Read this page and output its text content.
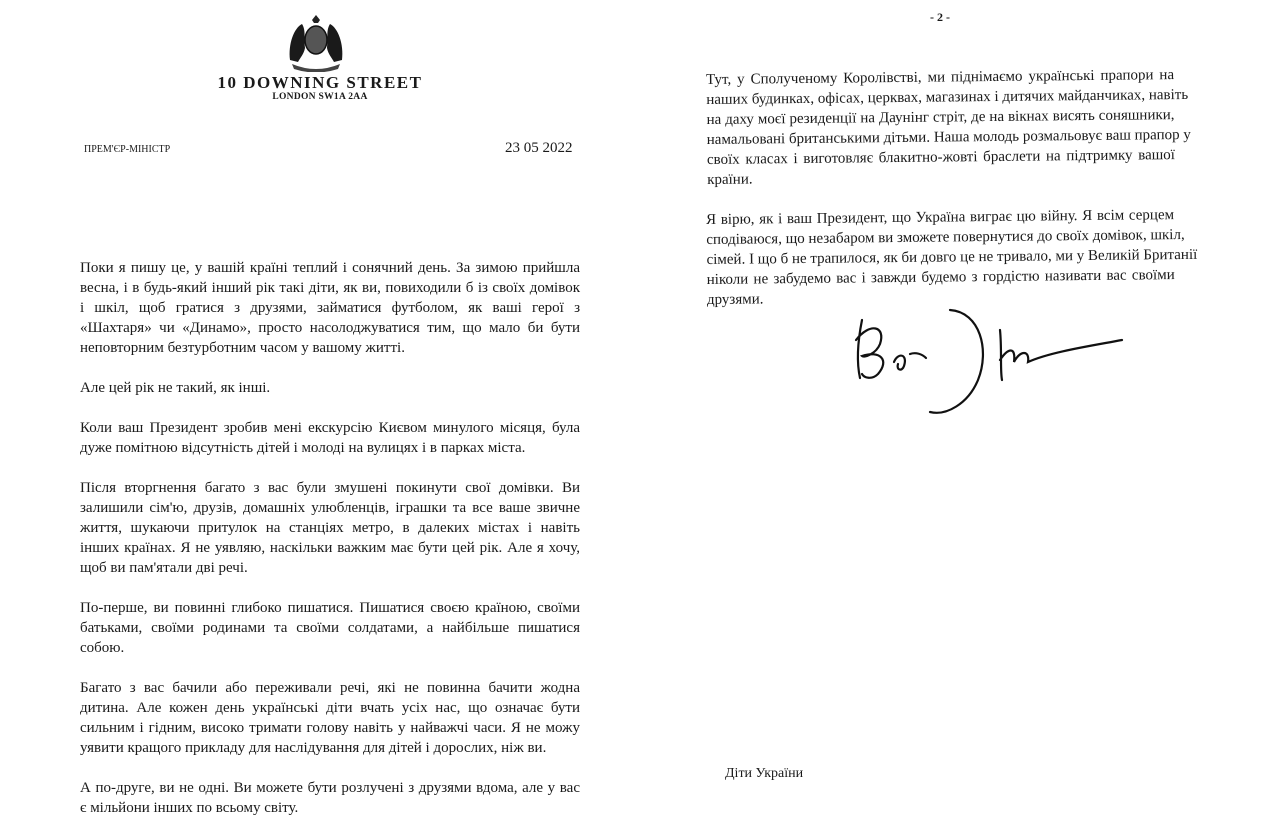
10 DOWNING STREET
LONDON SW1A 2AA
ПРЕМ'ЄР-МІНІСТР	23 05 2022
Поки я пишу це, у вашій країні теплий і сонячний день. За зимою прийшла
весна, і в будь-який інший рік такі діти, як ви, повиходили б із своїх домівок
і шкіл, щоб гратися з друзями, займатися футболом, як ваші герої з
«Шахтаря» чи «Динамо», просто насолоджуватися тим, що мало би бути
неповторним безтурботним часом у вашому житті.
Але цей рік не такий, як інші.
Коли ваш Президент зробив мені екскурсію Києвом минулого місяця, була
дуже помітною відсутність дітей і молоді на вулицях і в парках міста.
Після вторгнення багато з вас були змушені покинути свої домівки. Ви
залишили сім'ю, друзів, домашніх улюбленців, іграшки та все ваше звичне
життя, шукаючи притулок на станціях метро, в далеких містах і навіть
інших країнах. Я не уявляю, наскільки важким має бути цей рік. Але я хочу,
щоб ви пам'ятали дві речі.
По-перше, ви повинні глибоко пишатися. Пишатися своєю країною, своїми
батьками, своїми родинами та своїми солдатами, а найбільше пишатися
собою.
Багато з вас бачили або переживали речі, які не повинна бачити жодна
дитина. Але кожен день українські діти вчать усіх нас, що означає бути
сильним і гідним, високо тримати голову навіть у найважчі часи. Я не можу
уявити кращого прикладу для наслідування для дітей і дорослих, ніж ви.
А по-друге, ви не одні. Ви можете бути розлучені з друзями вдома, але у вас
є мільйони інших по всьому світу.
- 2 -
Тут, у Сполученому Королівстві, ми піднімаємо українські прапори на
наших будинках, офісах, церквах, магазинах і дитячих майданчиках, навіть
на даху моєї резиденції на Даунінг стріт, де на вікнах висять соняшники,
намальовані британськими дітьми. Наша молодь розмальовує ваш прапор у
своїх класах і виготовляє блакитно-жовті браслети на підтримку вашої
країни.
Я вірю, як і ваш Президент, що Україна виграє цю війну. Я всім серцем
сподіваюся, що незабаром ви зможете повернутися до своїх домівок, шкіл,
сімей. І що б не трапилося, як би довго це не тривало, ми у Великій Британії
ніколи не забудемо вас і завжди будемо з гордістю називати вас своїми
друзями.
Діти України
